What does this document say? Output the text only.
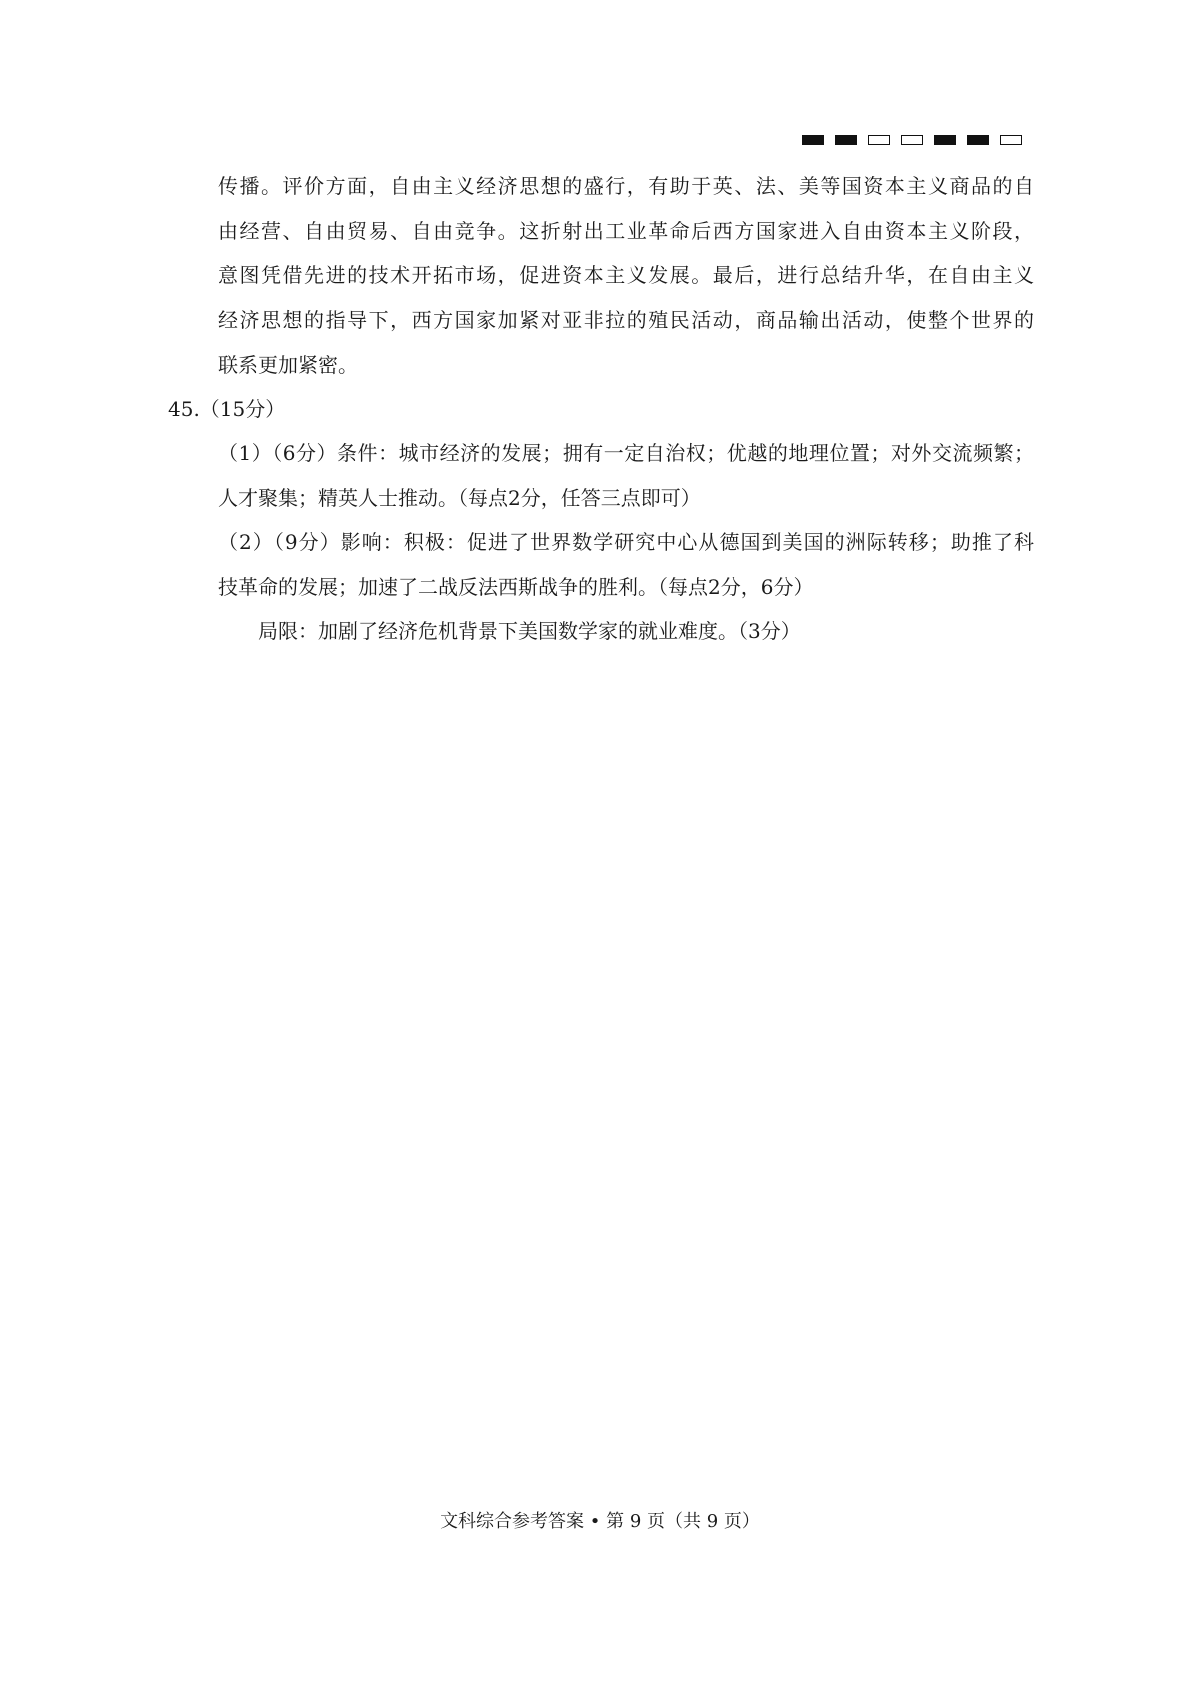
传播。评价方面，自由主义经济思想的盛行，有助于英、法、美等国资本主义商品的自
由经营、自由贸易、自由竞争。这折射出工业革命后西方国家进入自由资本主义阶段，
意图凭借先进的技术开拓市场，促进资本主义发展。最后，进行总结升华，在自由主义
经济思想的指导下，西方国家加紧对亚非拉的殖民活动，商品输出活动，使整个世界的
联系更加紧密。
45.（15分）
（1）（6分）条件：城市经济的发展；拥有一定自治权；优越的地理位置；对外交流频繁；
人才聚集；精英人士推动。（每点2分，任答三点即可）
（2）（9分）影响：积极：促进了世界数学研究中心从德国到美国的洲际转移；助推了科
技革命的发展；加速了二战反法西斯战争的胜利。（每点2分，6分）
局限：加剧了经济危机背景下美国数学家的就业难度。（3分）
文科综合参考答案 • 第 9 页（共 9 页）
